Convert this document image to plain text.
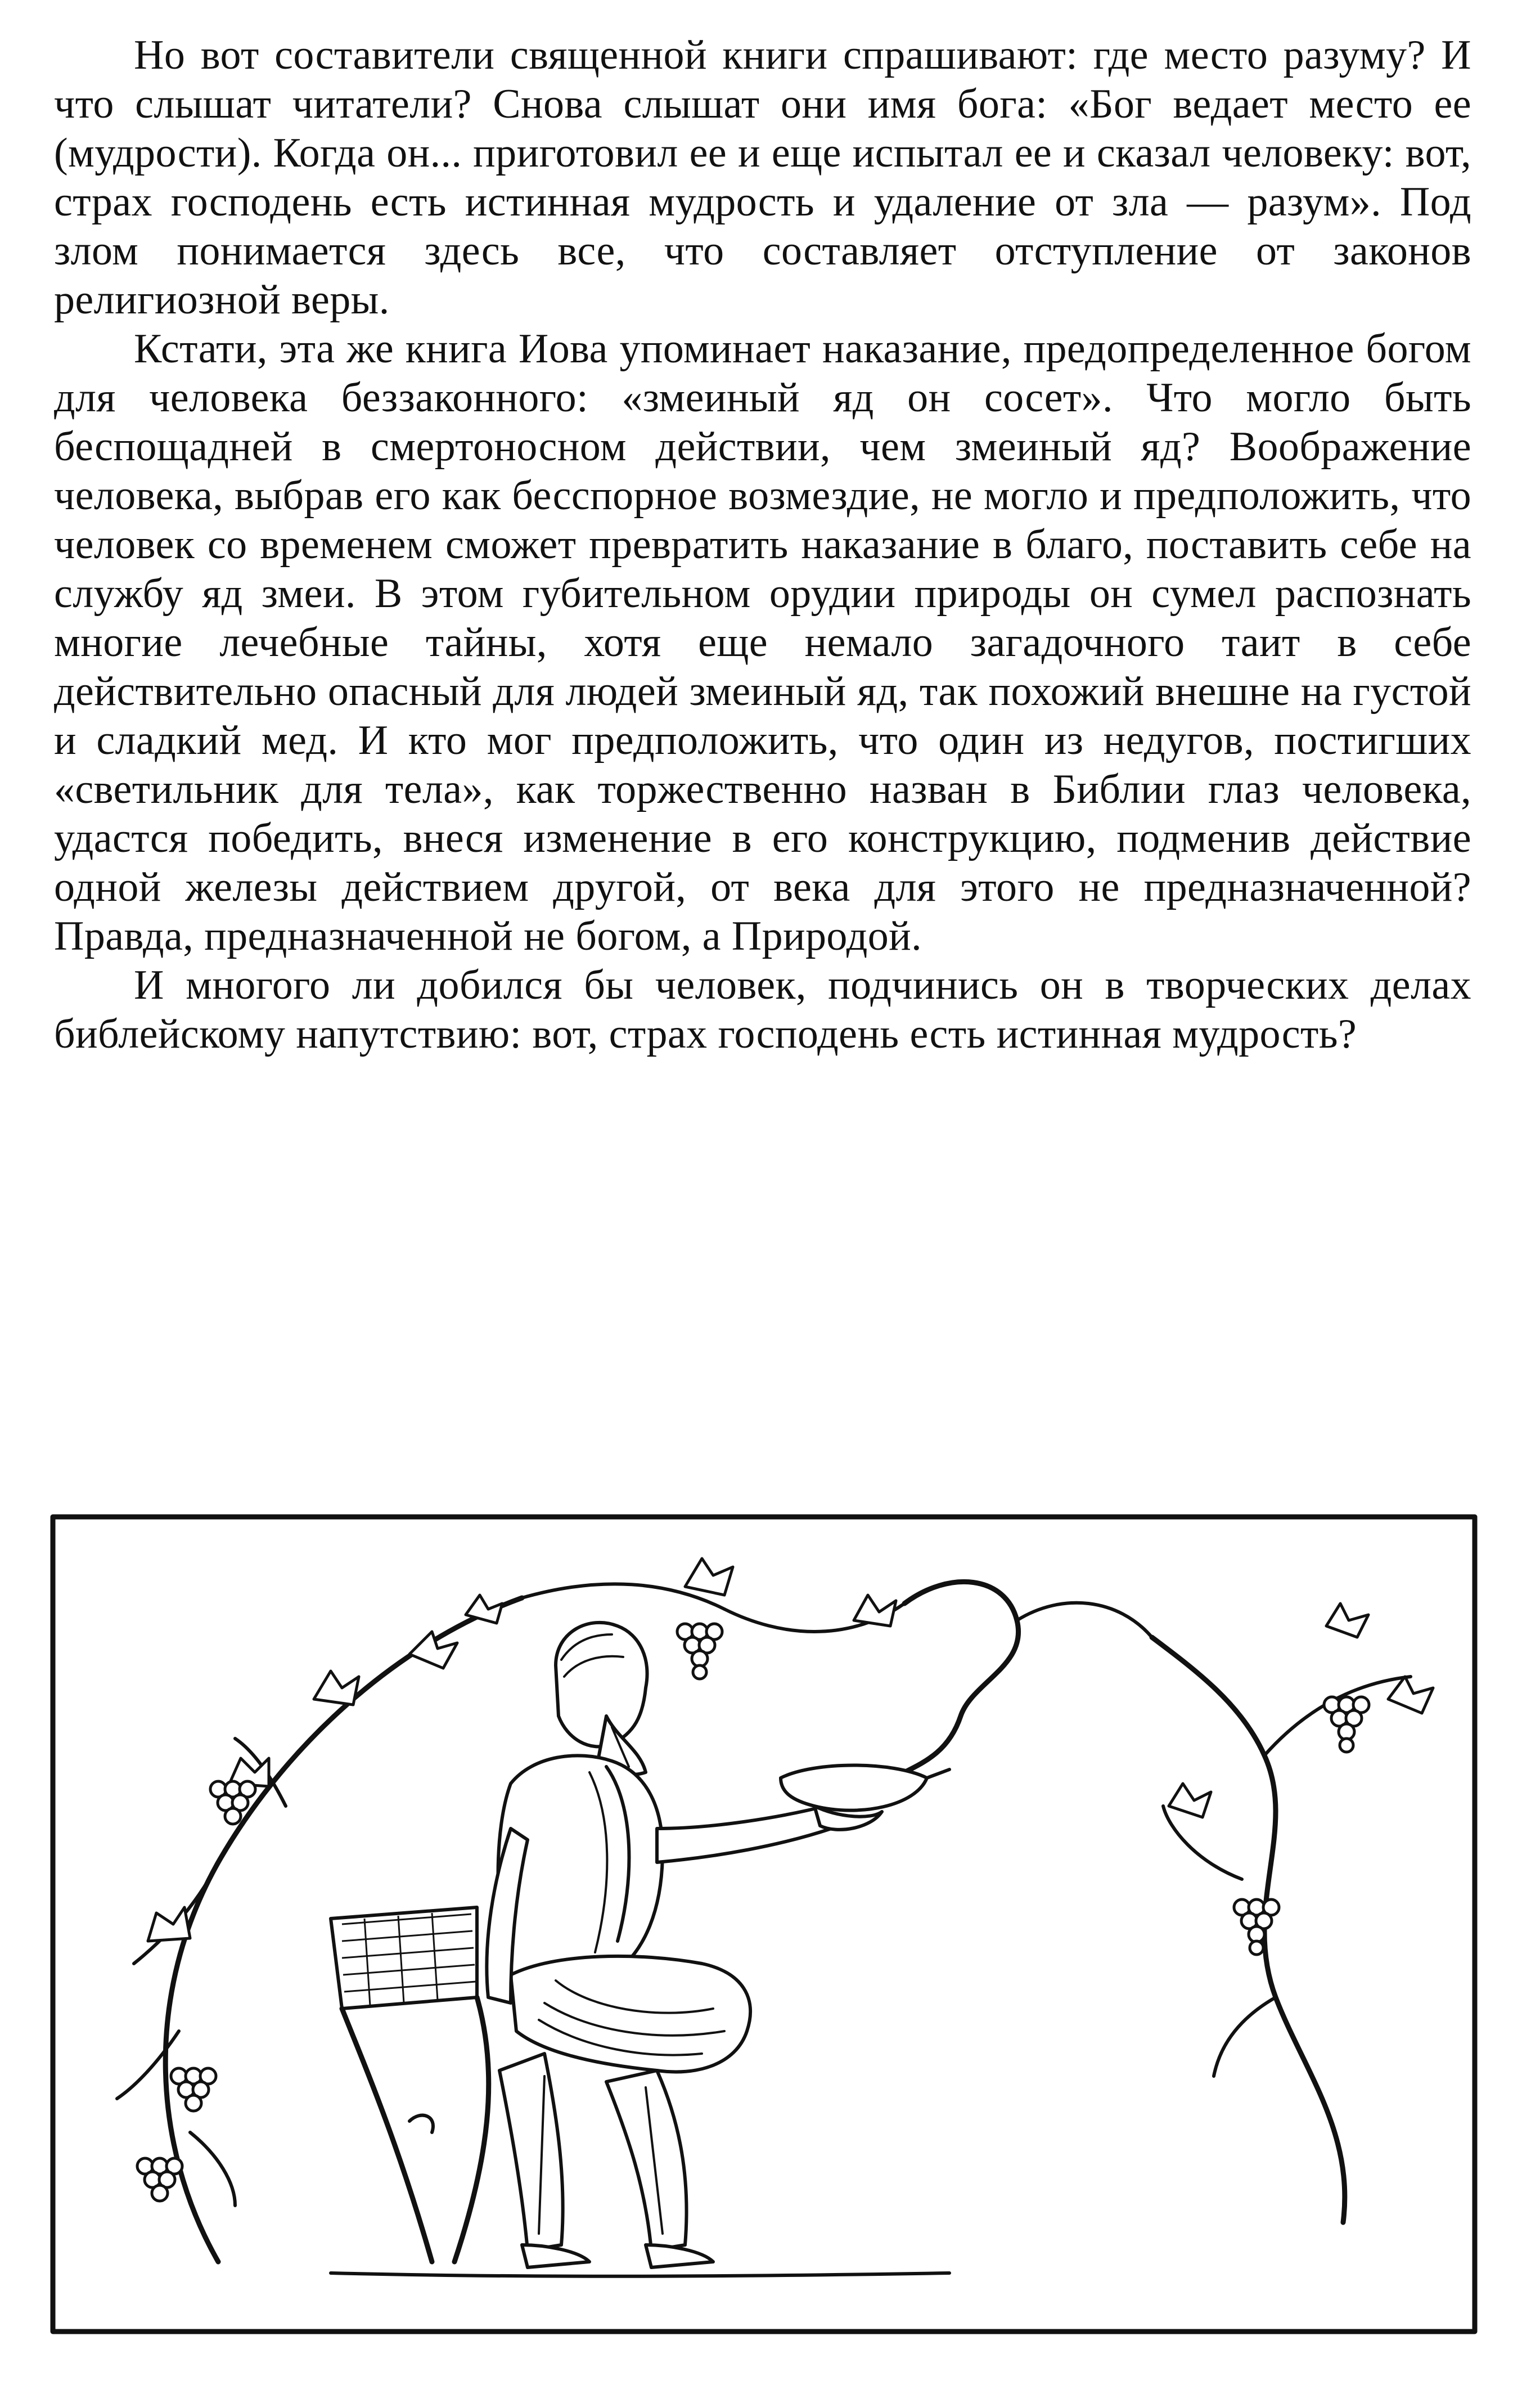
Но вот составители священной книги спрашивают: где место разуму? И что слышат читатели? Снова слышат они имя бога: «Бог ведает место ее (мудрости). Когда он... приготовил ее и еще испытал ее и сказал человеку: вот, страх господень есть истинная мудрость и удаление от зла — разум». Под злом понимается здесь все, что составляет отступление от законов религиозной веры.

Кстати, эта же книга Иова упоминает наказание, предопределенное богом для человека беззаконного: «змеиный яд он сосет». Что могло быть беспощадней в смертоносном действии, чем змеиный яд? Воображение человека, выбрав его как бесспорное возмездие, не могло и предположить, что человек со временем сможет превратить наказание в благо, поставить себе на службу яд змеи. В этом губительном орудии природы он сумел распознать многие лечебные тайны, хотя еще немало загадочного таит в себе действительно опасный для людей змеиный яд, так похожий внешне на густой и сладкий мед. И кто мог предположить, что один из недугов, постигших «светильник для тела», как торжественно назван в Библии глаз человека, удастся победить, внеся изменение в его конструкцию, подменив действие одной железы действием другой, от века для этого не предназначенной? Правда, предназначенной не богом, а Природой.

И многого ли добился бы человек, подчинись он в творческих делах библейскому напутствию: вот, страх господень есть истинная мудрость?
